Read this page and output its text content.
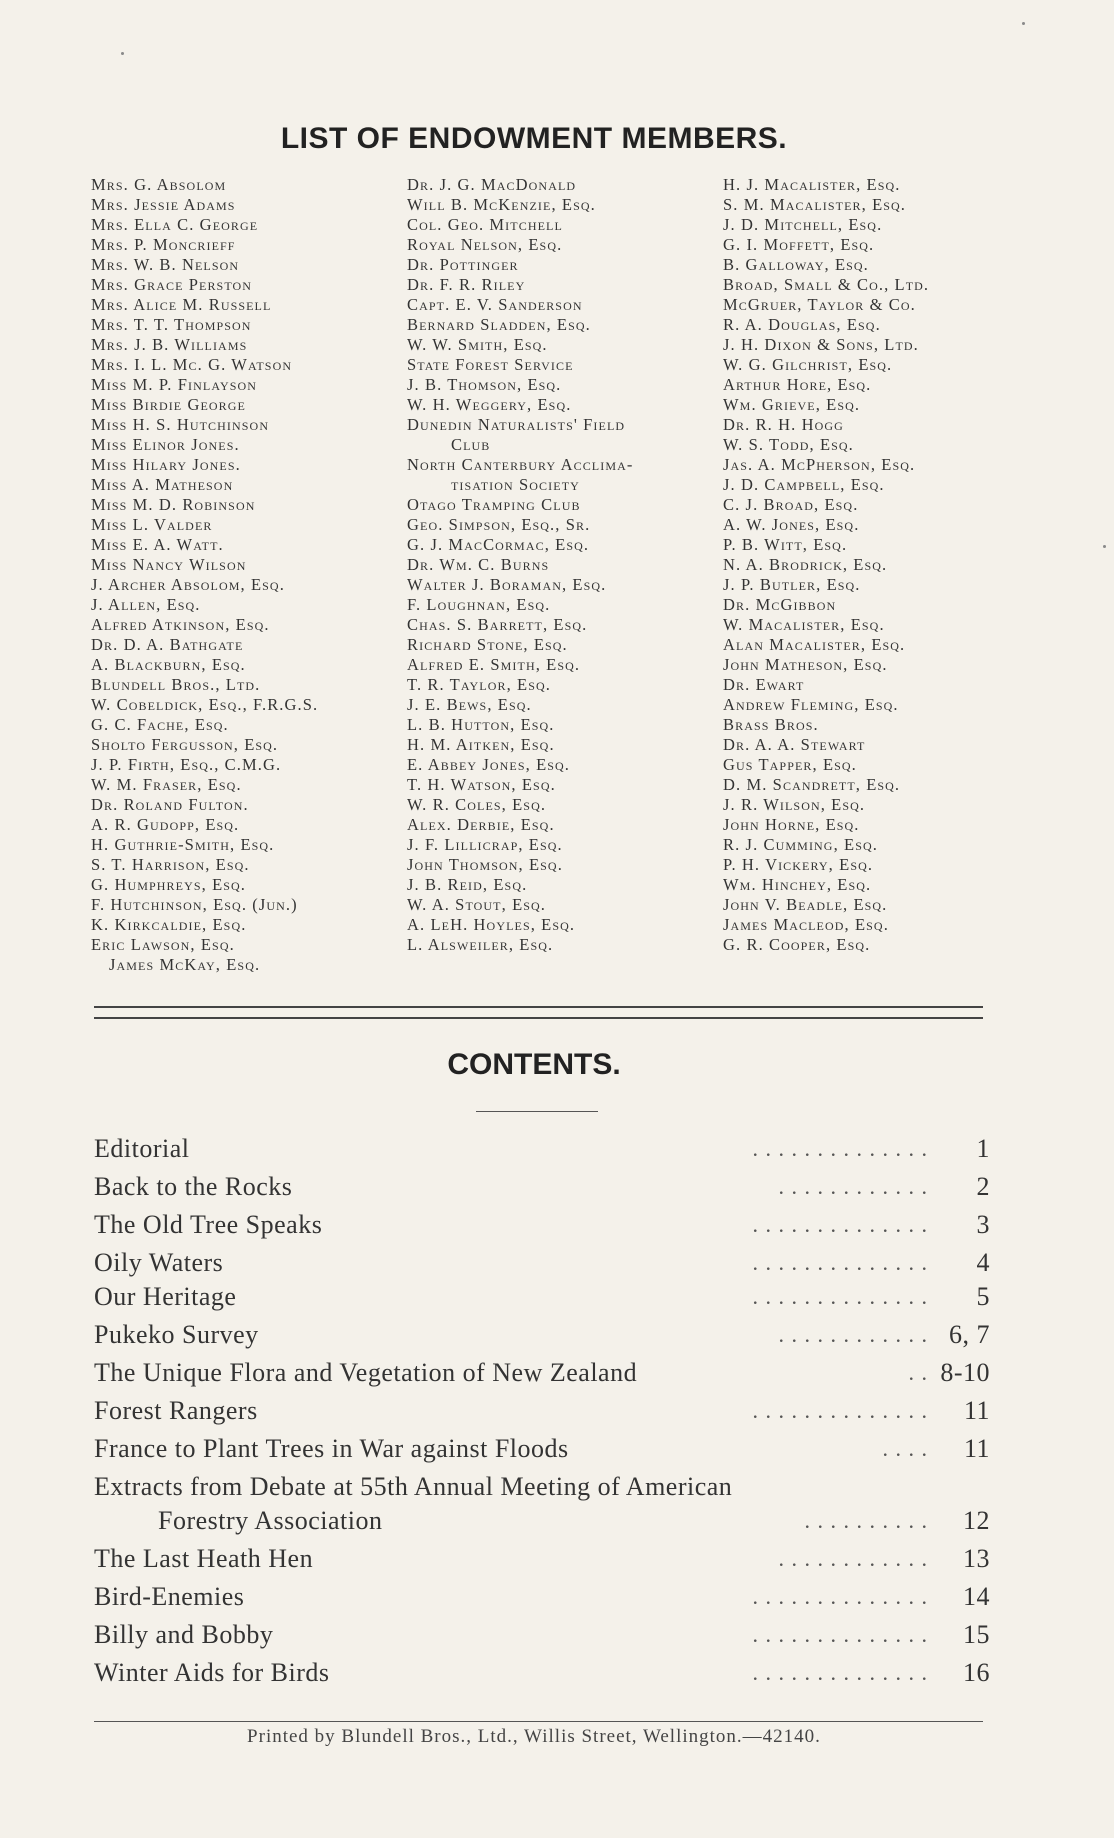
LIST OF ENDOWMENT MEMBERS.
Mrs. G. Absolom
Mrs. Jessie Adams
Mrs. Ella C. George
Mrs. P. Moncrieff
Mrs. W. B. Nelson
Mrs. Grace Perston
Mrs. Alice M. Russell
Mrs. T. T. Thompson
Mrs. J. B. Williams
Mrs. I. L. Mc. G. Watson
Miss M. P. Finlayson
Miss Birdie George
Miss H. S. Hutchinson
Miss Elinor Jones.
Miss Hilary Jones.
Miss A. Matheson
Miss M. D. Robinson
Miss L. Valder
Miss E. A. Watt.
Miss Nancy Wilson
J. Archer Absolom, Esq.
J. Allen, Esq.
Alfred Atkinson, Esq.
Dr. D. A. Bathgate
A. Blackburn, Esq.
Blundell Bros., Ltd.
W. Cobeldick, Esq., F.R.G.S.
G. C. Fache, Esq.
Sholto Fergusson, Esq.
J. P. Firth, Esq., C.M.G.
W. M. Fraser, Esq.
Dr. Roland Fulton.
A. R. Gudopp, Esq.
H. Guthrie-Smith, Esq.
S. T. Harrison, Esq.
G. Humphreys, Esq.
F. Hutchinson, Esq. (Jun.)
K. Kirkcaldie, Esq.
Eric Lawson, Esq.
James McKay, Esq.
Dr. J. G. MacDonald
Will B. McKenzie, Esq.
Col. Geo. Mitchell
Royal Nelson, Esq.
Dr. Pottinger
Dr. F. R. Riley
Capt. E. V. Sanderson
Bernard Sladden, Esq.
W. W. Smith, Esq.
State Forest Service
J. B. Thomson, Esq.
W. H. Weggery, Esq.
Dunedin Naturalists' Field
Club
North Canterbury Acclima-
tisation Society
Otago Tramping Club
Geo. Simpson, Esq., Sr.
G. J. MacCormac, Esq.
Dr. Wm. C. Burns
Walter J. Boraman, Esq.
F. Loughnan, Esq.
Chas. S. Barrett, Esq.
Richard Stone, Esq.
Alfred E. Smith, Esq.
T. R. Taylor, Esq.
J. E. Bews, Esq.
L. B. Hutton, Esq.
H. M. Aitken, Esq.
E. Abbey Jones, Esq.
T. H. Watson, Esq.
W. R. Coles, Esq.
Alex. Derbie, Esq.
J. F. Lillicrap, Esq.
John Thomson, Esq.
J. B. Reid, Esq.
W. A. Stout, Esq.
A. LeH. Hoyles, Esq.
L. Alsweiler, Esq.
H. J. Macalister, Esq.
S. M. Macalister, Esq.
J. D. Mitchell, Esq.
G. I. Moffett, Esq.
B. Galloway, Esq.
Broad, Small & Co., Ltd.
McGruer, Taylor & Co.
R. A. Douglas, Esq.
J. H. Dixon & Sons, Ltd.
W. G. Gilchrist, Esq.
Arthur Hore, Esq.
Wm. Grieve, Esq.
Dr. R. H. Hogg
W. S. Todd, Esq.
Jas. A. McPherson, Esq.
J. D. Campbell, Esq.
C. J. Broad, Esq.
A. W. Jones, Esq.
P. B. Witt, Esq.
N. A. Brodrick, Esq.
J. P. Butler, Esq.
Dr. McGibbon
W. Macalister, Esq.
Alan Macalister, Esq.
John Matheson, Esq.
Dr. Ewart
Andrew Fleming, Esq.
Brass Bros.
Dr. A. A. Stewart
Gus Tapper, Esq.
D. M. Scandrett, Esq.
J. R. Wilson, Esq.
John Horne, Esq.
R. J. Cumming, Esq.
P. H. Vickery, Esq.
Wm. Hinchey, Esq.
John V. Beadle, Esq.
James Macleod, Esq.
G. R. Cooper, Esq.
CONTENTS.
Editorial	. . . . . . . . . . . . . . 1
Back to the Rocks	. . . . . . . . . . . . 2
The Old Tree Speaks	. . . . . . . . . . . . . . 3
Oily Waters	. . . . . . . . . . . . . . 4
Our Heritage	. . . . . . . . . . . . . . 5
Pukeko Survey	. . . . . . . . . . . . 6, 7
The Unique Flora and Vegetation of New Zealand	. . 8-10
Forest Rangers	. . . . . . . . . . . . . . 11
France to Plant Trees in War against Floods	. . . . 11
Extracts from Debate at 55th Annual Meeting of American
Forestry Association	. . . . . . . . . . 12
The Last Heath Hen	. . . . . . . . . . . . 13
Bird-Enemies	. . . . . . . . . . . . . . 14
Billy and Bobby	. . . . . . . . . . . . . . 15
Winter Aids for Birds	. . . . . . . . . . . . . . 16
Printed by Blundell Bros., Ltd., Willis Street, Wellington.—42140.
